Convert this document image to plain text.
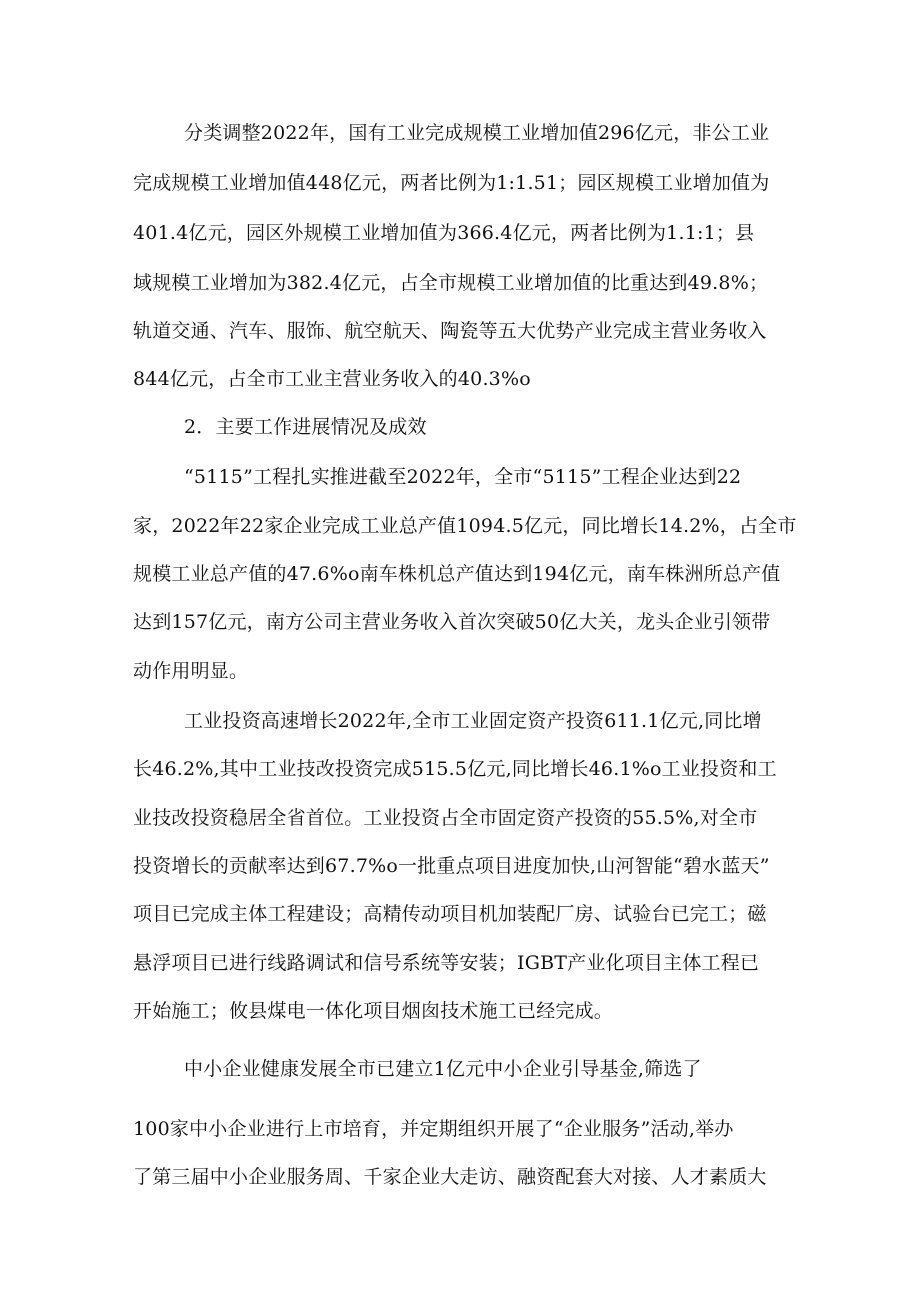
分类调整2022年，国有工业完成规模工业增加值296亿元，非公工业
完成规模工业增加值448亿元，两者比例为1:1.51；园区规模工业增加值为
401.4亿元，园区外规模工业增加值为366.4亿元，两者比例为1.1:1；县
域规模工业增加为382.4亿元，占全市规模工业增加值的比重达到49.8%；
轨道交通、汽车、服饰、航空航天、陶瓷等五大优势产业完成主营业务收入
844亿元，占全市工业主营业务收入的40.3%o
2．主要工作进展情况及成效
“5115”工程扎实推进截至2022年，全市“5115”工程企业达到22
家，2022年22家企业完成工业总产值1094.5亿元，同比增长14.2%，占全市
规模工业总产值的47.6%o南车株机总产值达到194亿元，南车株洲所总产值
达到157亿元，南方公司主营业务收入首次突破50亿大关，龙头企业引领带
动作用明显。
工业投资高速增长2022年,全市工业固定资产投资611.1亿元,同比增
长46.2%,其中工业技改投资完成515.5亿元,同比增长46.1%o工业投资和工
业技改投资稳居全省首位。工业投资占全市固定资产投资的55.5%,对全市
投资增长的贡献率达到67.7%o一批重点项目进度加快,山河智能“碧水蓝天”
项目已完成主体工程建设；高精传动项目机加装配厂房、试验台已完工；磁
悬浮项目已进行线路调试和信号系统等安装；IGBT产业化项目主体工程已
开始施工；攸县煤电一体化项目烟囱技术施工已经完成。
中小企业健康发展全市已建立1亿元中小企业引导基金,筛选了
100家中小企业进行上市培育，并定期组织开展了“企业服务”活动,举办
了第三届中小企业服务周、千家企业大走访、融资配套大对接、人才素质大
